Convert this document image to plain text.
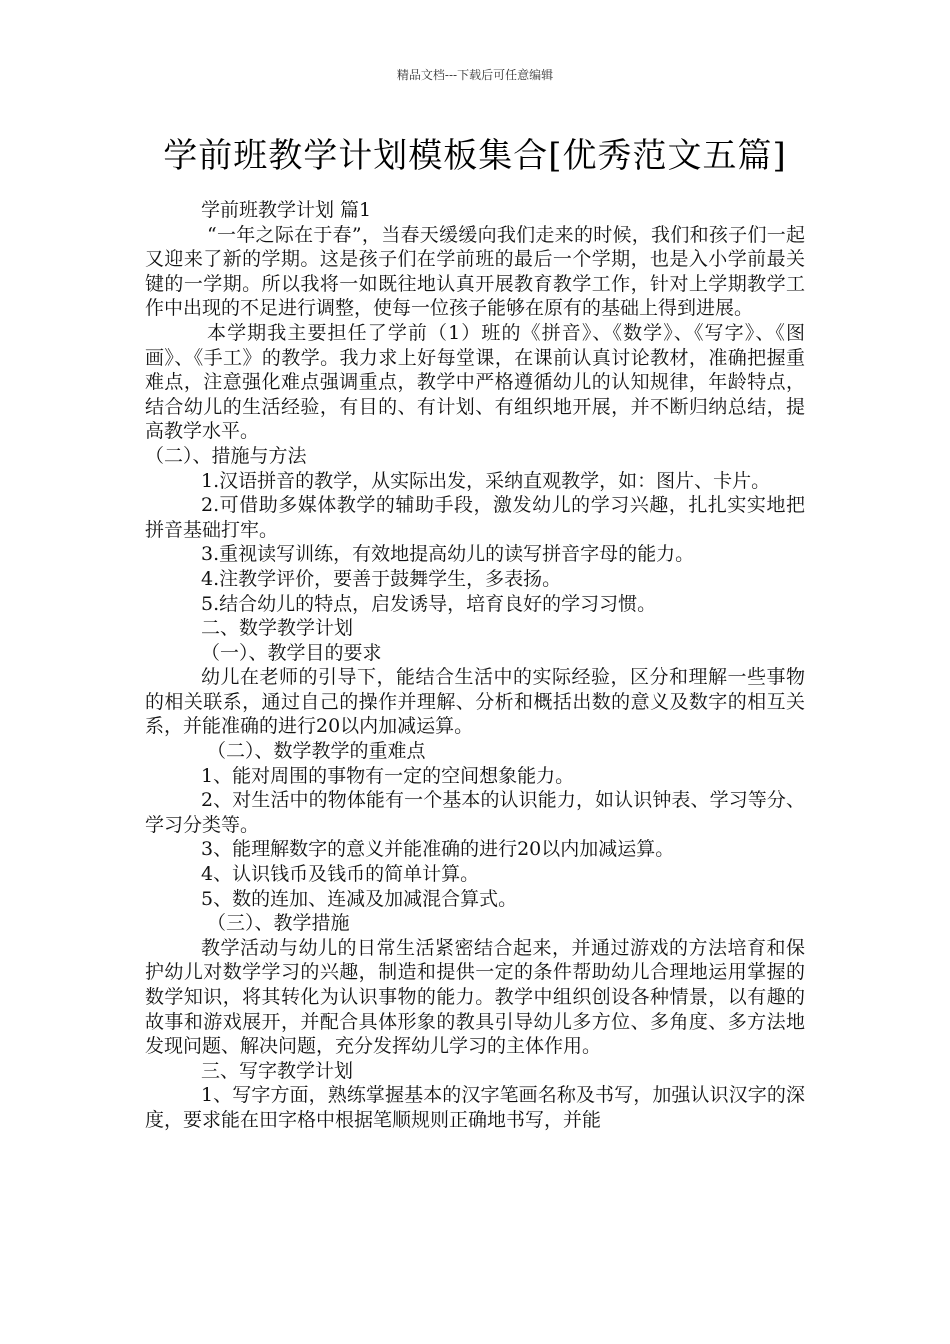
精品文档---下载后可任意编辑
学前班教学计划模板集合[优秀范文五篇]

学前班教学计划 篇1

“一年之际在于春”，当春天缓缓向我们走来的时候，我们和孩子们一起又迎来了新的学期。这是孩子们在学前班的最后一个学期，也是入小学前最关键的一学期。所以我将一如既往地认真开展教育教学工作，针对上学期教学工作中出现的不足进行调整，使每一位孩子能够在原有的基础上得到进展。

本学期我主要担任了学前（1）班的《拼音》、《数学》、《写字》、《图画》、《手工》的教学。我力求上好每堂课，在课前认真讨论教材，准确把握重难点，注意强化难点强调重点，教学中严格遵循幼儿的认知规律，年龄特点，结合幼儿的生活经验，有目的、有计划、有组织地开展，并不断归纳总结，提高教学水平。

（二）、措施与方法

1.汉语拼音的教学，从实际出发，采纳直观教学，如：图片、卡片。

2.可借助多媒体教学的辅助手段，激发幼儿的学习兴趣，扎扎实实地把拼音基础打牢。

3.重视读写训练，有效地提高幼儿的读写拼音字母的能力。

4.注教学评价，要善于鼓舞学生，多表扬。

5.结合幼儿的特点，启发诱导，培育良好的学习习惯。

二、数学教学计划

（一）、教学目的要求

幼儿在老师的引导下，能结合生活中的实际经验，区分和理解一些事物的相关联系，通过自己的操作并理解、分析和概括出数的意义及数字的相互关系，并能准确的进行20以内加减运算。

（二）、数学教学的重难点

1、能对周围的事物有一定的空间想象能力。

2、对生活中的物体能有一个基本的认识能力，如认识钟表、学习等分、学习分类等。

3、能理解数字的意义并能准确的进行20以内加减运算。

4、认识钱币及钱币的简单计算。

5、数的连加、连减及加减混合算式。

（三）、教学措施

教学活动与幼儿的日常生活紧密结合起来，并通过游戏的方法培育和保护幼儿对数学学习的兴趣，制造和提供一定的条件帮助幼儿合理地运用掌握的数学知识，将其转化为认识事物的能力。教学中组织创设各种情景，以有趣的故事和游戏展开，并配合具体形象的教具引导幼儿多方位、多角度、多方法地发现问题、解决问题，充分发挥幼儿学习的主体作用。

三、写字教学计划

1、写字方面，熟练掌握基本的汉字笔画名称及书写，加强认识汉字的深度，要求能在田字格中根据笔顺规则正确地书写，并能
